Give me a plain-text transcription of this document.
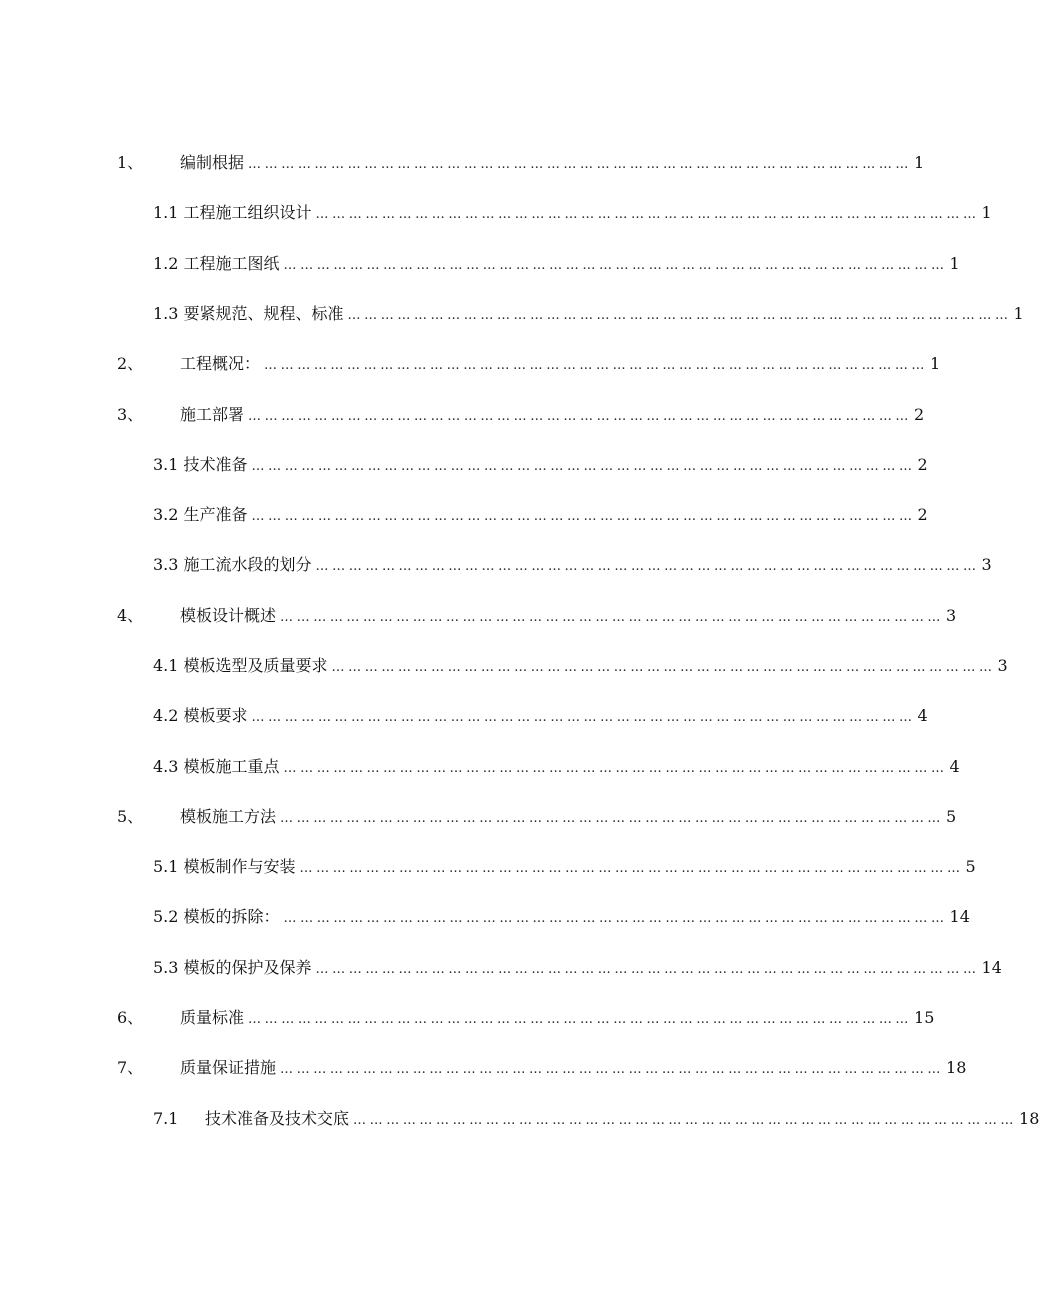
1、 编制根据 ………………………………………………………………………………………………………… 1
1.1 工程施工组织设计 ………………………………………………………………………………………………………… 1
1.2 工程施工图纸 ………………………………………………………………………………………………………… 1
1.3 要紧规范、规程、标准 ………………………………………………………………………………………………………… 1
2、 工程概况： ………………………………………………………………………………………………………… 1
3、 施工部署 ………………………………………………………………………………………………………… 2
3.1 技术准备 ………………………………………………………………………………………………………… 2
3.2 生产准备 ………………………………………………………………………………………………………… 2
3.3 施工流水段的划分 ………………………………………………………………………………………………………… 3
4、 模板设计概述 ………………………………………………………………………………………………………… 3
4.1 模板选型及质量要求 ………………………………………………………………………………………………………… 3
4.2 模板要求 ………………………………………………………………………………………………………… 4
4.3 模板施工重点 ………………………………………………………………………………………………………… 4
5、 模板施工方法 ………………………………………………………………………………………………………… 5
5.1 模板制作与安装 ………………………………………………………………………………………………………… 5
5.2 模板的拆除： ………………………………………………………………………………………………………… 14
5.3 模板的保护及保养 ………………………………………………………………………………………………………… 14
6、 质量标准 ………………………………………………………………………………………………………… 15
7、 质量保证措施 ………………………………………………………………………………………………………… 18
7.1 技术准备及技术交底 ………………………………………………………………………………………………………… 18
